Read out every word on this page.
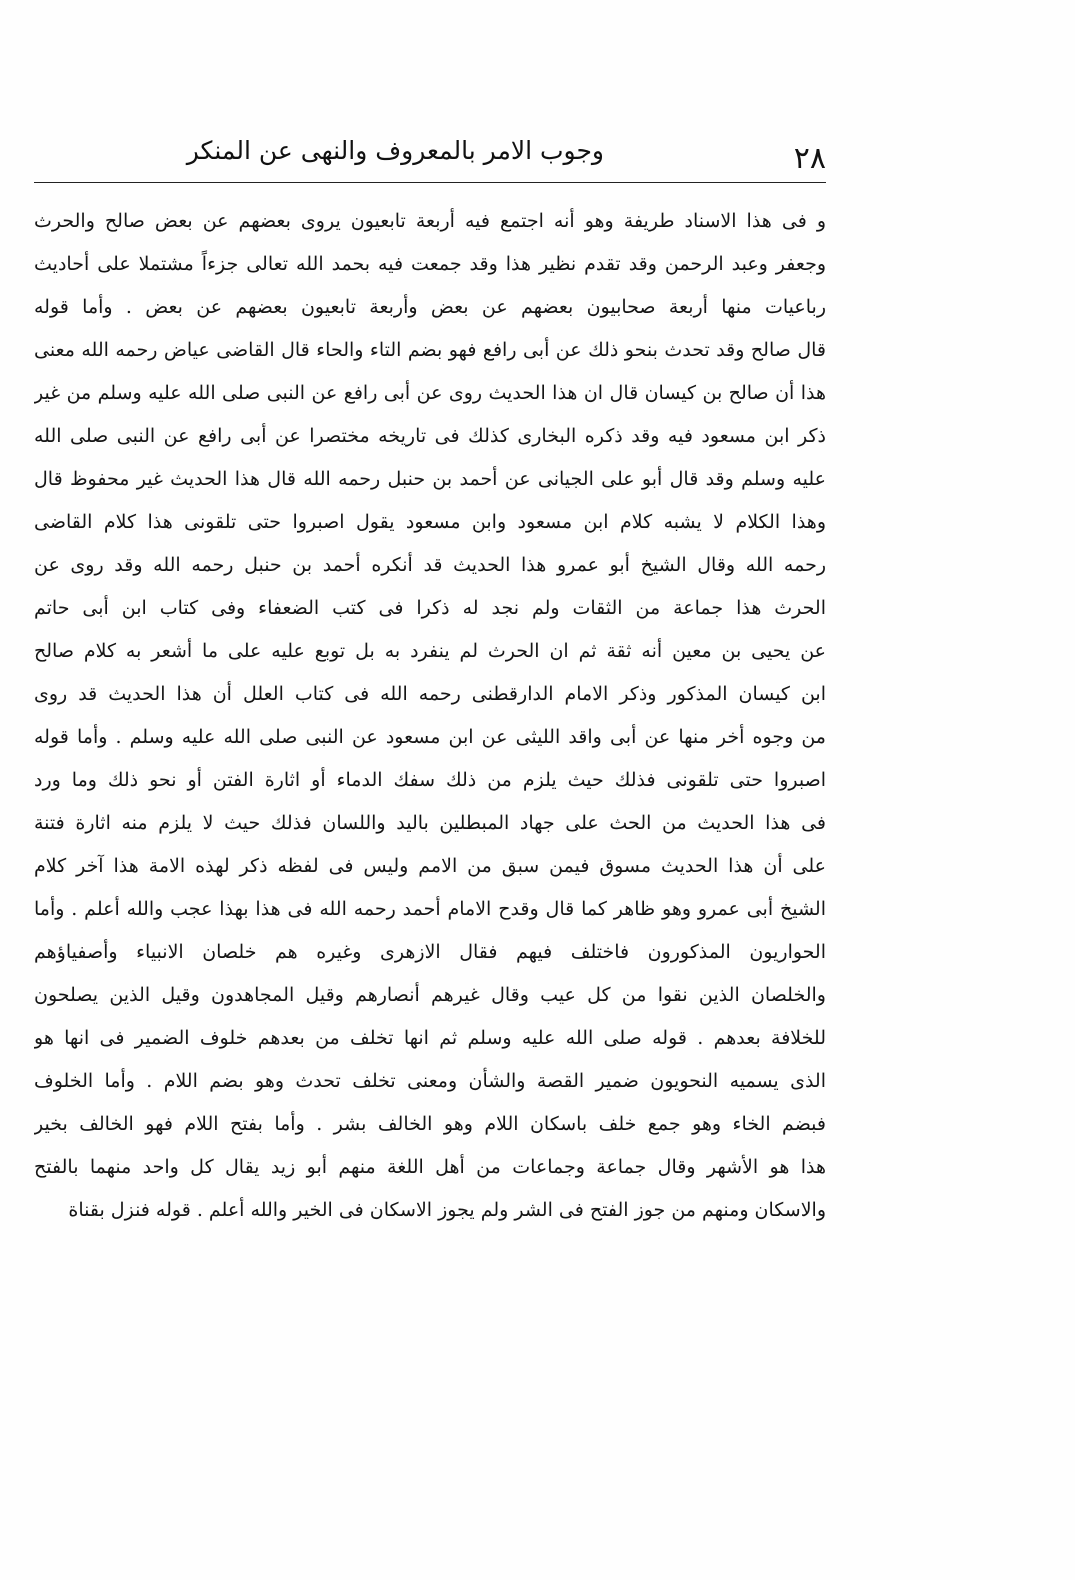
٢٨
وجوب الامر بالمعروف والنهى عن المنكر
و فى هذا الاسناد طريفة وهو أنه اجتمع فيه أربعة تابعيون يروى بعضهم عن بعض صالح والحرث
وجعفر وعبد الرحمن وقد تقدم نظير هذا وقد جمعت فيه بحمد الله تعالى جزءاً مشتملا على أحاديث
رباعيات منها أربعة صحابيون بعضهم عن بعض وأربعة تابعيون بعضهم عن بعض . وأما قوله
قال صالح وقد تحدث بنحو ذلك عن أبى رافع فهو بضم التاء والحاء قال القاضى عياض رحمه الله معنى
هذا أن صالح بن كيسان قال ان هذا الحديث روى عن أبى رافع عن النبى صلى الله عليه وسلم من غير
ذكر ابن مسعود فيه وقد ذكره البخارى كذلك فى تاريخه مختصرا عن أبى رافع عن النبى صلى الله
عليه وسلم وقد قال أبو على الجيانى عن أحمد بن حنبل رحمه الله قال هذا الحديث غير محفوظ قال
وهذا الكلام لا يشبه كلام ابن مسعود وابن مسعود يقول اصبروا حتى تلقونى هذا كلام القاضى
رحمه الله وقال الشيخ أبو عمرو هذا الحديث قد أنكره أحمد بن حنبل رحمه الله وقد روى عن
الحرث هذا جماعة من الثقات ولم نجد له ذكرا فى كتب الضعفاء وفى كتاب ابن أبى حاتم
عن يحيى بن معين أنه ثقة ثم ان الحرث لم ينفرد به بل توبع عليه على ما أشعر به كلام صالح
ابن كيسان المذكور وذكر الامام الدارقطنى رحمه الله فى كتاب العلل أن هذا الحديث قد روى
من وجوه أخر منها عن أبى واقد الليثى عن ابن مسعود عن النبى صلى الله عليه وسلم . وأما قوله
اصبروا حتى تلقونى فذلك حيث يلزم من ذلك سفك الدماء أو اثارة الفتن أو نحو ذلك وما ورد
فى هذا الحديث من الحث على جهاد المبطلين باليد واللسان فذلك حيث لا يلزم منه اثارة فتنة
على أن هذا الحديث مسوق فيمن سبق من الامم وليس فى لفظه ذكر لهذه الامة هذا آخر كلام
الشيخ أبى عمرو وهو ظاهر كما قال وقدح الامام أحمد رحمه الله فى هذا بهذا عجب والله أعلم . وأما
الحواريون المذكورون فاختلف فيهم فقال الازهرى وغيره هم خلصان الانبياء وأصفياؤهم
والخلصان الذين نقوا من كل عيب وقال غيرهم أنصارهم وقيل المجاهدون وقيل الذين يصلحون
للخلافة بعدهم . قوله صلى الله عليه وسلم ثم انها تخلف من بعدهم خلوف الضمير فى انها هو
الذى يسميه النحويون ضمير القصة والشأن ومعنى تخلف تحدث وهو بضم اللام . وأما الخلوف
فبضم الخاء وهو جمع خلف باسكان اللام وهو الخالف بشر . وأما بفتح اللام فهو الخالف بخير
هذا هو الأشهر وقال جماعة وجماعات من أهل اللغة منهم أبو زيد يقال كل واحد منهما بالفتح
والاسكان ومنهم من جوز الفتح فى الشر ولم يجوز الاسكان فى الخير والله أعلم . قوله فنزل بقناة
